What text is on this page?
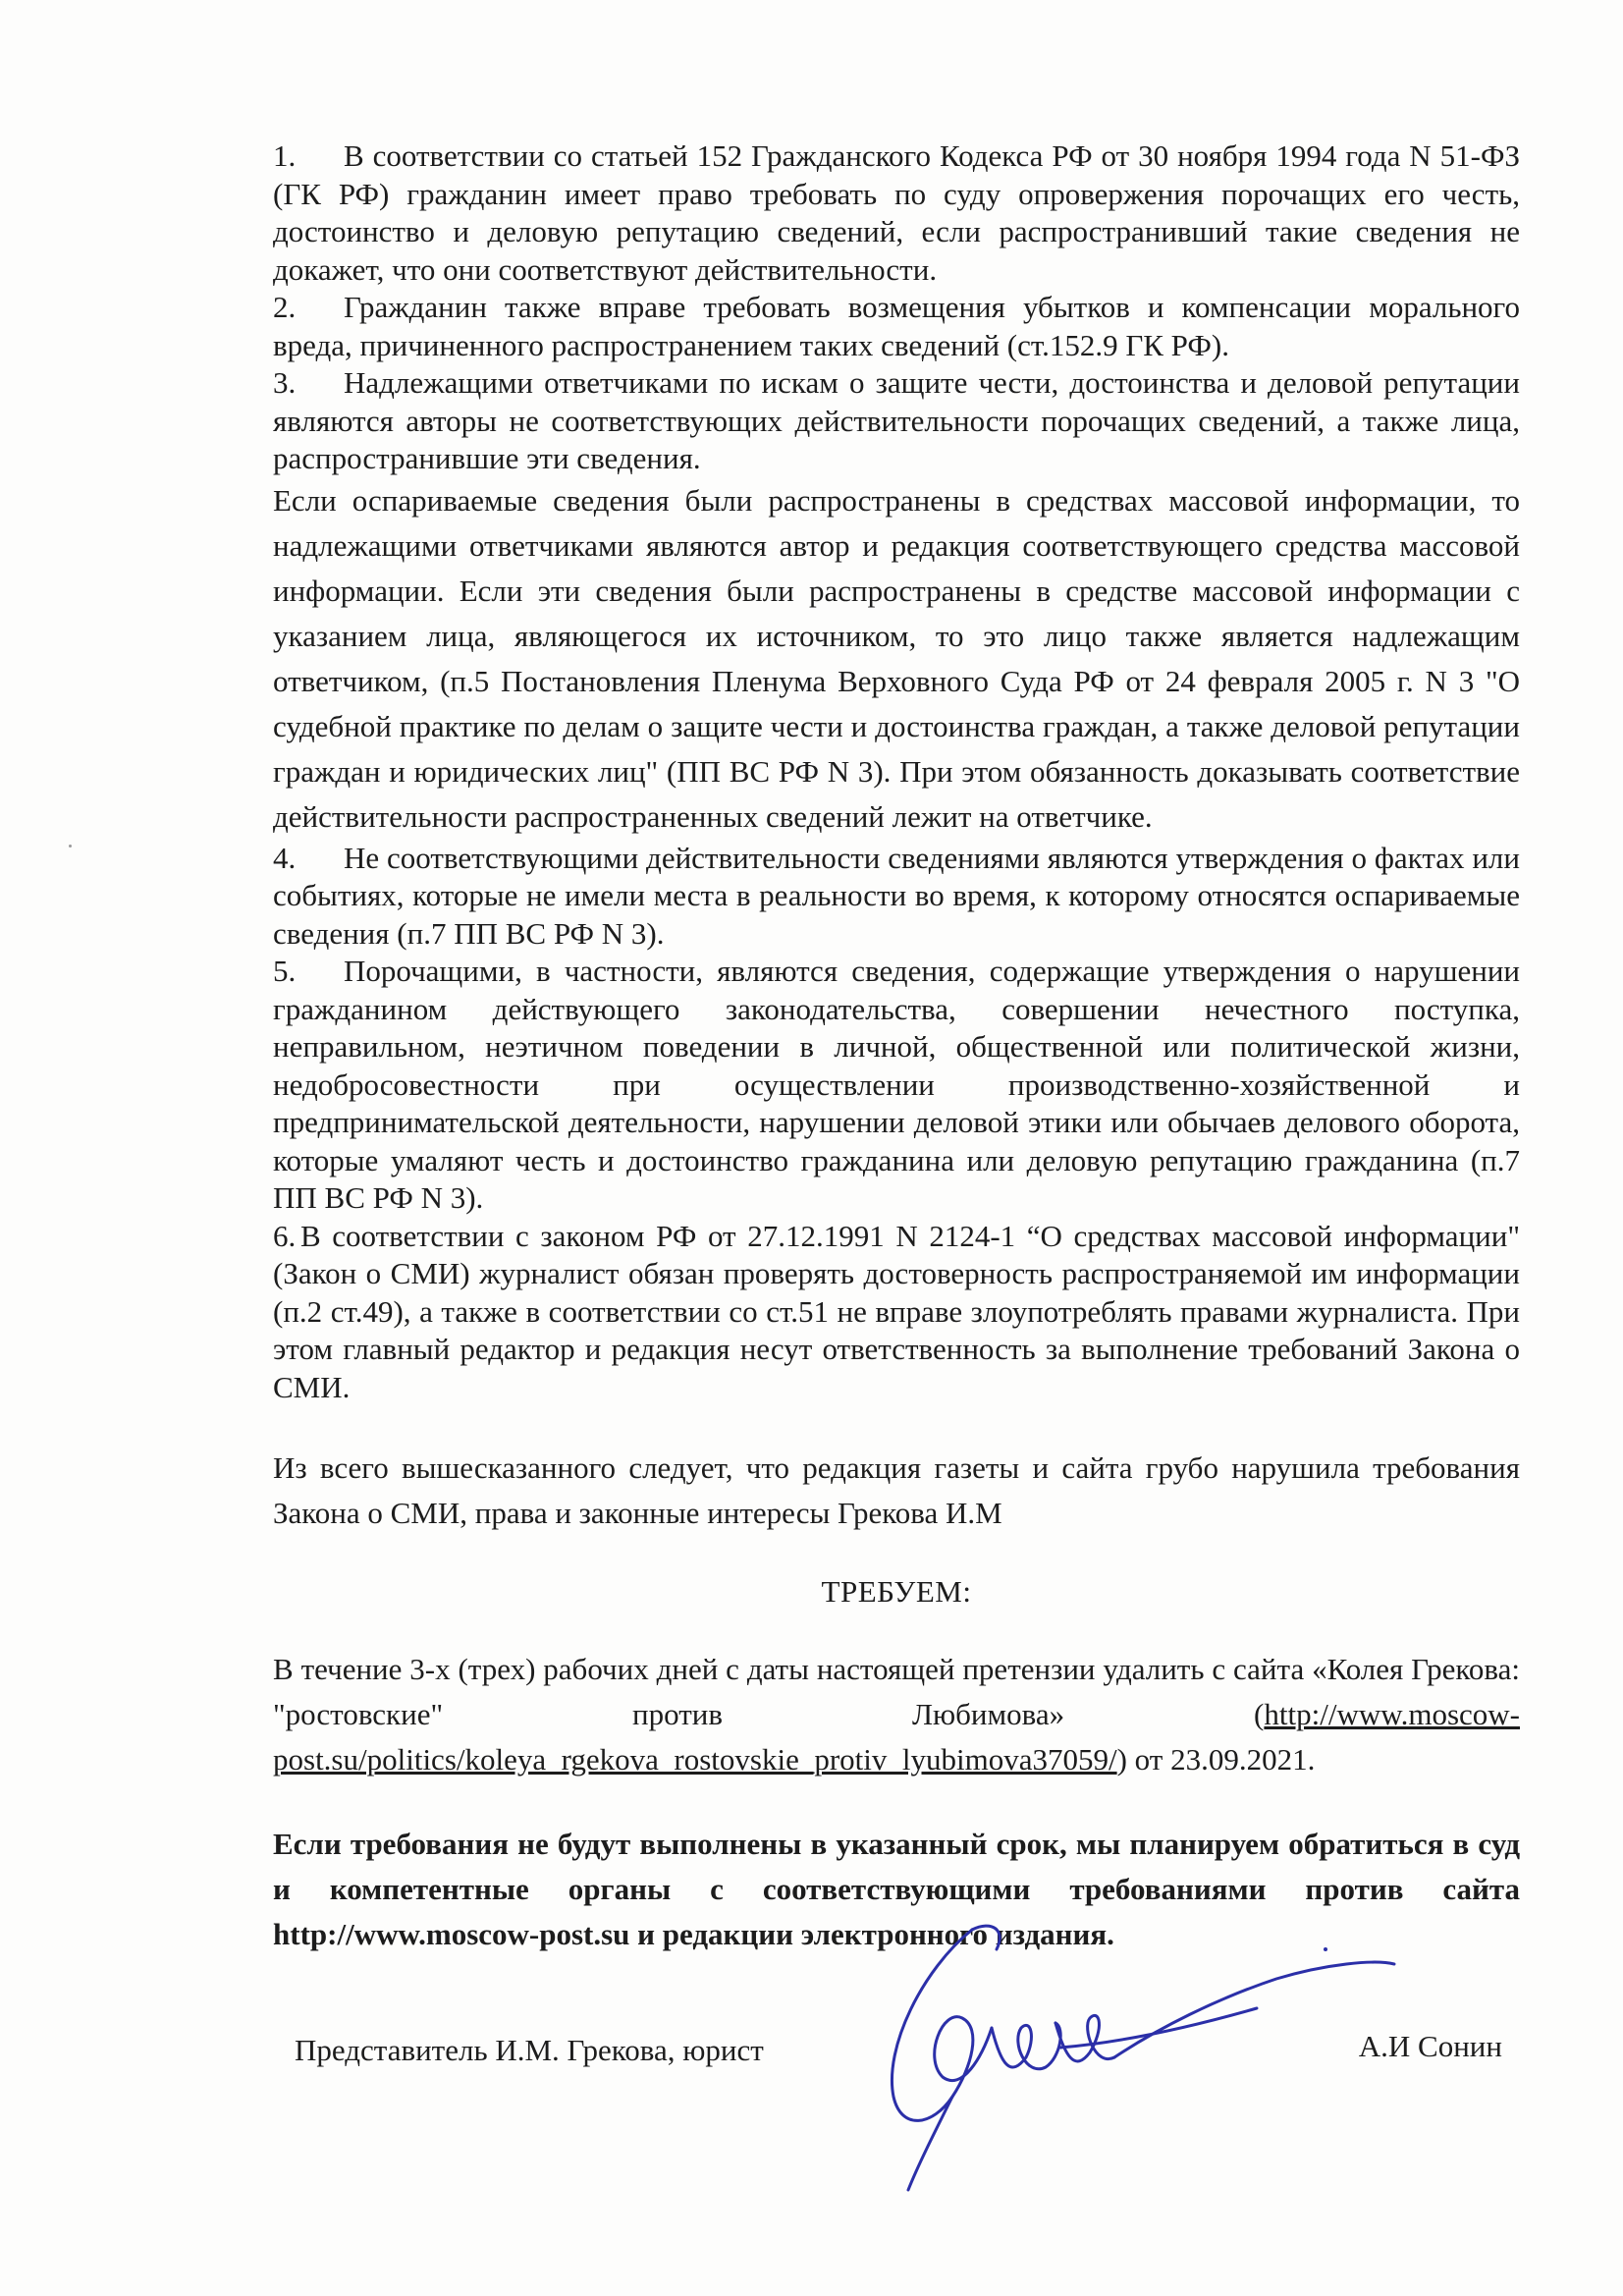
1. В соответствии со статьей 152 Гражданского Кодекса РФ от 30 ноября 1994 года N 51-ФЗ (ГК РФ) гражданин имеет право требовать по суду опровержения порочащих его честь, достоинство и деловую репутацию сведений, если распространивший такие сведения не докажет, что они соответствуют действительности.

2. Гражданин также вправе требовать возмещения убытков и компенсации морального вреда, причиненного распространением таких сведений (ст.152.9 ГК РФ).

3. Надлежащими ответчиками по искам о защите чести, достоинства и деловой репутации являются авторы не соответствующих действительности порочащих сведений, а также лица, распространившие эти сведения.

Если оспариваемые сведения были распространены в средствах массовой информации, то надлежащими ответчиками являются автор и редакция соответствующего средства массовой информации. Если эти сведения были распространены в средстве массовой информации с указанием лица, являющегося их источником, то это лицо также является надлежащим ответчиком, (п.5 Постановления Пленума Верховного Суда РФ от 24 февраля 2005 г. N 3 "О судебной практике по делам о защите чести и достоинства граждан, а также деловой репутации граждан и юридических лиц" (ПП ВС РФ N 3). При этом обязанность доказывать соответствие действительности распространенных сведений лежит на ответчике.

4. Не соответствующими действительности сведениями являются утверждения о фактах или событиях, которые не имели места в реальности во время, к которому относятся оспариваемые сведения (п.7 ПП ВС РФ N 3).

5. Порочащими, в частности, являются сведения, содержащие утверждения о нарушении гражданином действующего законодательства, совершении нечестного поступка, неправильном, неэтичном поведении в личной, общественной или политической жизни, недобросовестности при осуществлении производственно-хозяйственной и предпринимательской деятельности, нарушении деловой этики или обычаев делового оборота, которые умаляют честь и достоинство гражданина или деловую репутацию гражданина (п.7 ПП ВС РФ N 3).

6. В соответствии с законом РФ от 27.12.1991 N 2124-1 “О средствах массовой информации" (Закон о СМИ) журналист обязан проверять достоверность распространяемой им информации (п.2 ст.49), а также в соответствии со ст.51 не вправе злоупотреблять правами журналиста. При этом главный редактор и редакция несут ответственность за выполнение требований Закона о СМИ.

Из всего вышесказанного следует, что редакция газеты и сайта грубо нарушила требования Закона о СМИ, права и законные интересы Грекова И.М

ТРЕБУЕМ:

В течение 3-х (трех) рабочих дней с даты настоящей претензии удалить с сайта «Колея Грекова: "ростовские" против Любимова» (http://www.moscow-post.su/politics/koleya_rgekova_rostovskie_protiv_lyubimova37059/) от 23.09.2021.

Если требования не будут выполнены в указанный срок, мы планируем обратиться в суд и компетентные органы с соответствующими требованиями против сайта http://www.moscow-post.su и редакции электронного издания.

Представитель И.М. Грекова, юрист	А.И Сонин
